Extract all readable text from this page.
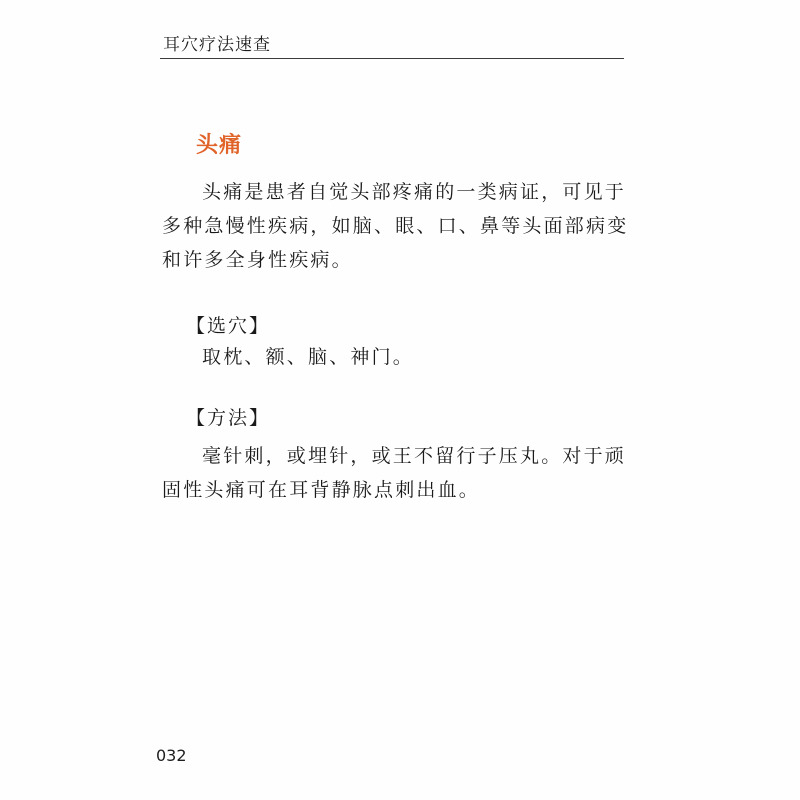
耳穴疗法速查
头痛

头痛是患者自觉头部疼痛的一类病证，可见于多种急慢性疾病，如脑、眼、口、鼻等头面部病变和许多全身性疾病。

【选穴】

取枕、额、脑、神门。

【方法】

毫针刺，或埋针，或王不留行子压丸。对于顽固性头痛可在耳背静脉点刺出血。

032
